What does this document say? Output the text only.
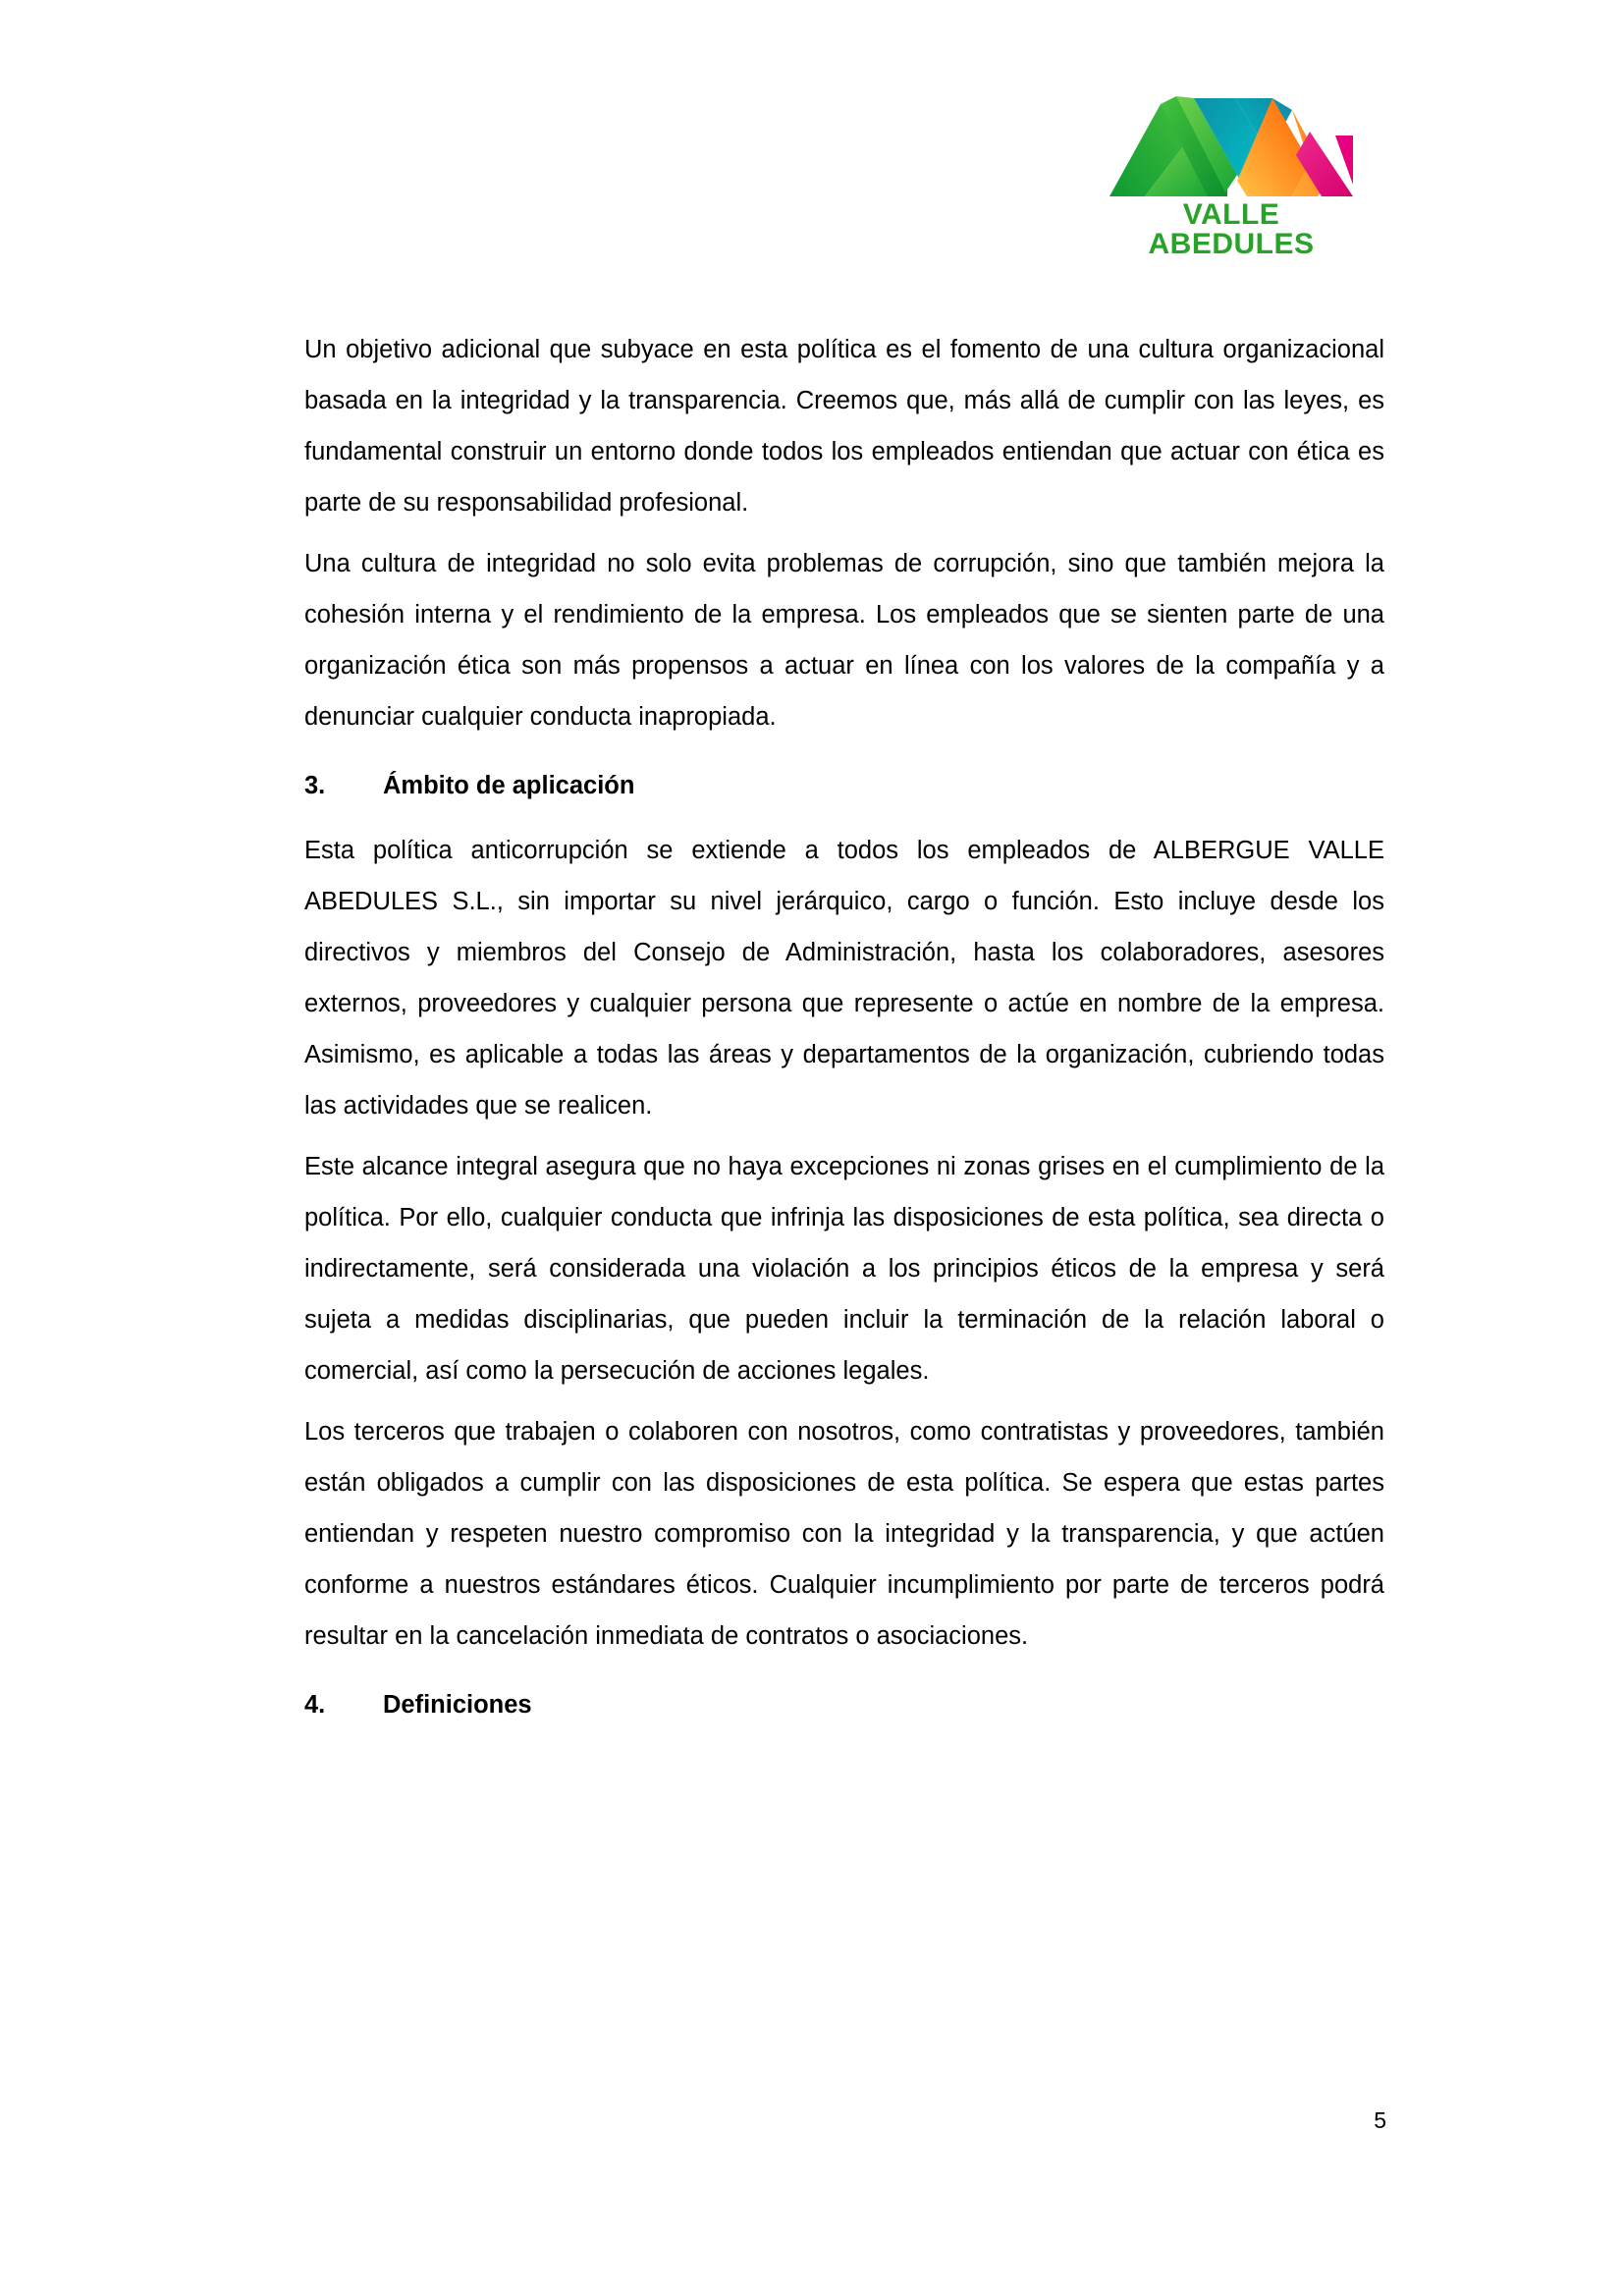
VALLE ABEDULES

Un objetivo adicional que subyace en esta política es el fomento de una cultura organizacional basada en la integridad y la transparencia. Creemos que, más allá de cumplir con las leyes, es fundamental construir un entorno donde todos los empleados entiendan que actuar con ética es parte de su responsabilidad profesional.

Una cultura de integridad no solo evita problemas de corrupción, sino que también mejora la cohesión interna y el rendimiento de la empresa. Los empleados que se sienten parte de una organización ética son más propensos a actuar en línea con los valores de la compañía y a denunciar cualquier conducta inapropiada.

3.	Ámbito de aplicación

Esta política anticorrupción se extiende a todos los empleados de ALBERGUE VALLE ABEDULES S.L., sin importar su nivel jerárquico, cargo o función. Esto incluye desde los directivos y miembros del Consejo de Administración, hasta los colaboradores, asesores externos, proveedores y cualquier persona que represente o actúe en nombre de la empresa. Asimismo, es aplicable a todas las áreas y departamentos de la organización, cubriendo todas las actividades que se realicen.

Este alcance integral asegura que no haya excepciones ni zonas grises en el cumplimiento de la política. Por ello, cualquier conducta que infrinja las disposiciones de esta política, sea directa o indirectamente, será considerada una violación a los principios éticos de la empresa y será sujeta a medidas disciplinarias, que pueden incluir la terminación de la relación laboral o comercial, así como la persecución de acciones legales.

Los terceros que trabajen o colaboren con nosotros, como contratistas y proveedores, también están obligados a cumplir con las disposiciones de esta política. Se espera que estas partes entiendan y respeten nuestro compromiso con la integridad y la transparencia, y que actúen conforme a nuestros estándares éticos. Cualquier incumplimiento por parte de terceros podrá resultar en la cancelación inmediata de contratos o asociaciones.

4.	Definiciones
5
